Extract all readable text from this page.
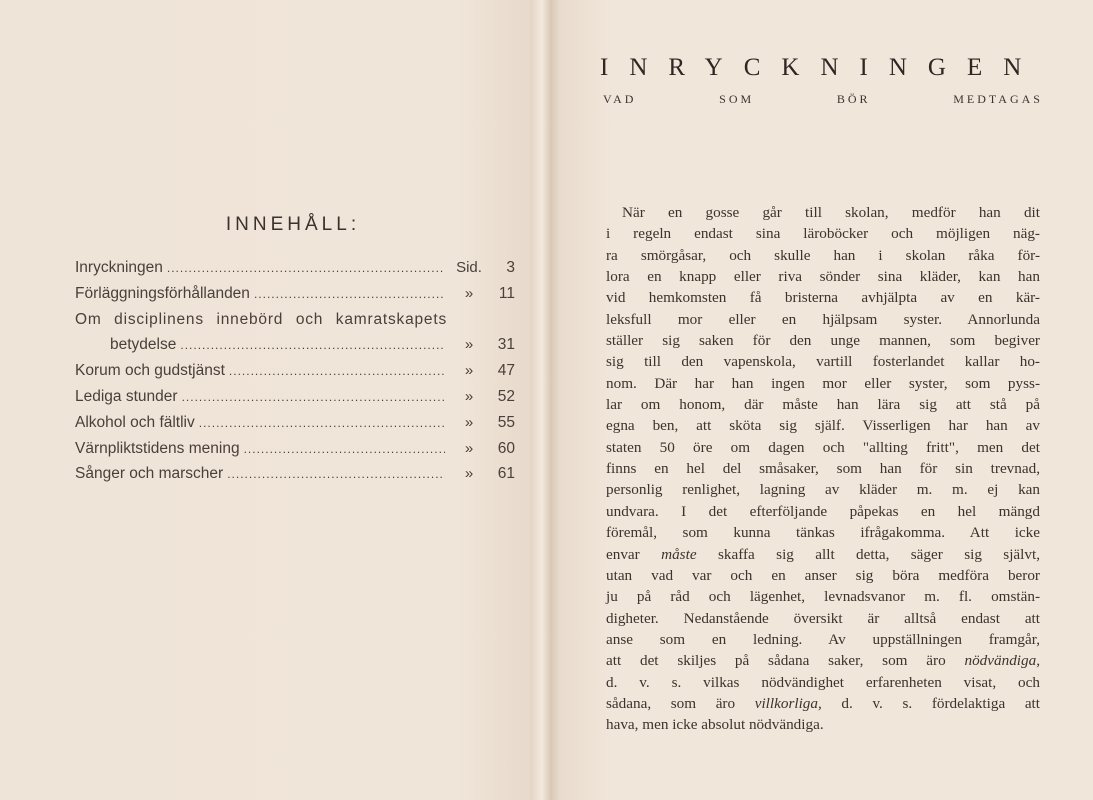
INNEHÅLL:
Inryckningen .....	Sid.	3
Förläggningsförhållanden .....	»	11
Om disciplinens innebörd och kamratskapets
betydelse .....	»	31
Korum och gudstjänst .....	»	47
Lediga stunder .....	»	52
Alkohol och fältliv .....	»	55
Värnpliktstidens mening .....	»	60
Sånger och marscher .....	»	61
INRYCKNINGEN
VAD	SOM	BÖR	MEDTAGAS
När en gosse går till skolan, medför han dit
i regeln endast sina läroböcker och möjligen näg-
ra smörgåsar, och skulle han i skolan råka för-
lora en knapp eller riva sönder sina kläder, kan han
vid hemkomsten få bristerna avhjälpta av en kär-
leksfull mor eller en hjälpsam syster. Annorlunda
ställer sig saken för den unge mannen, som begiver
sig till den vapenskola, vartill fosterlandet kallar ho-
nom. Där har han ingen mor eller syster, som pyss-
lar om honom, där måste han lära sig att stå på
egna ben, att sköta sig själf. Visserligen har han av
staten 50 öre om dagen och "allting fritt", men det
finns en hel del småsaker, som han för sin trevnad,
personlig renlighet, lagning av kläder m. m. ej kan
undvara. I det efterföljande påpekas en hel mängd
föremål, som kunna tänkas ifrågakomma. Att icke
envar måste skaffa sig allt detta, säger sig självt,
utan vad var och en anser sig böra medföra beror
ju på råd och lägenhet, levnadsvanor m. fl. omstän-
digheter. Nedanstående översikt är alltså endast att
anse som en ledning. Av uppställningen framgår,
att det skiljes på sådana saker, som äro nödvändiga,
d. v. s. vilkas nödvändighet erfarenheten visat, och
sådana, som äro villkorliga, d. v. s. fördelaktiga att
hava, men icke absolut nödvändiga.
